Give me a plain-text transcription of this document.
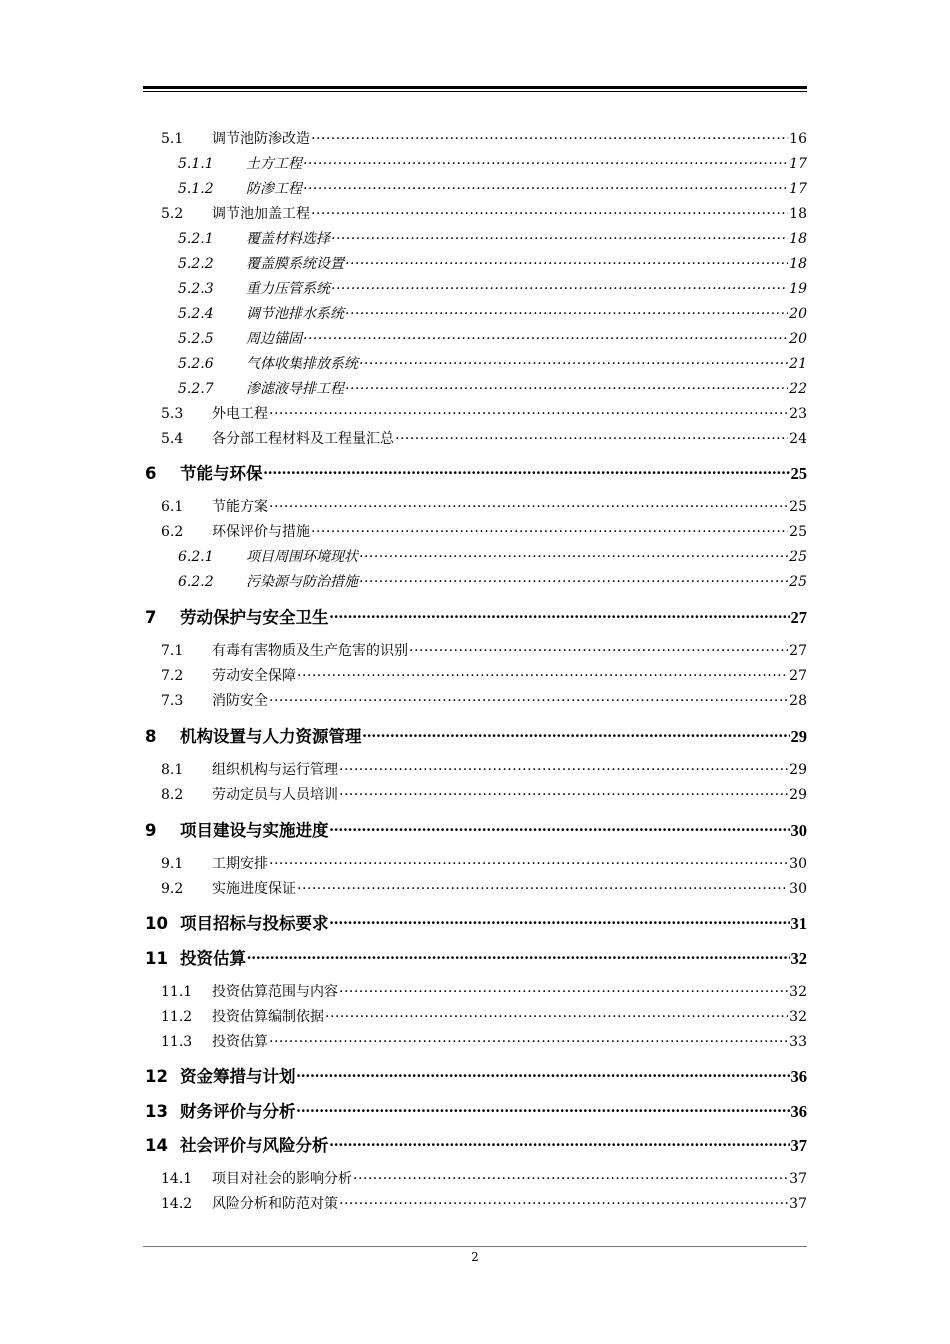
5.1	调节池防渗改造 .....	16
5.1.1	土方工程 .....	17
5.1.2	防渗工程 .....	17
5.2	调节池加盖工程 .....	18
5.2.1	覆盖材料选择 .....	18
5.2.2	覆盖膜系统设置 .....	18
5.2.3	重力压管系统 .....	19
5.2.4	调节池排水系统 .....	20
5.2.5	周边锚固 .....	20
5.2.6	气体收集排放系统 .....	21
5.2.7	渗滤液导排工程 .....	22
5.3	外电工程 .....	23
5.4	各分部工程材料及工程量汇总 .....	24
6	节能与环保 .....	25
6.1	节能方案 .....	25
6.2	环保评价与措施 .....	25
6.2.1	项目周围环境现状 .....	25
6.2.2	污染源与防治措施 .....	25
7	劳动保护与安全卫生 .....	27
7.1	有毒有害物质及生产危害的识别 .....	27
7.2	劳动安全保障 .....	27
7.3	消防安全 .....	28
8	机构设置与人力资源管理 .....	29
8.1	组织机构与运行管理 .....	29
8.2	劳动定员与人员培训 .....	29
9	项目建设与实施进度 .....	30
9.1	工期安排 .....	30
9.2	实施进度保证 .....	30
10 项目招标与投标要求 .....	31
11 投资估算 .....	32
11.1	投资估算范围与内容 .....	32
11.2	投资估算编制依据 .....	32
11.3	投资估算 .....	33
12 资金筹措与计划 .....	36
13 财务评价与分析 .....	36
14 社会评价与风险分析 .....	37
14.1	项目对社会的影响分析 .....	37
14.2	风险分析和防范对策 .....	37
2
